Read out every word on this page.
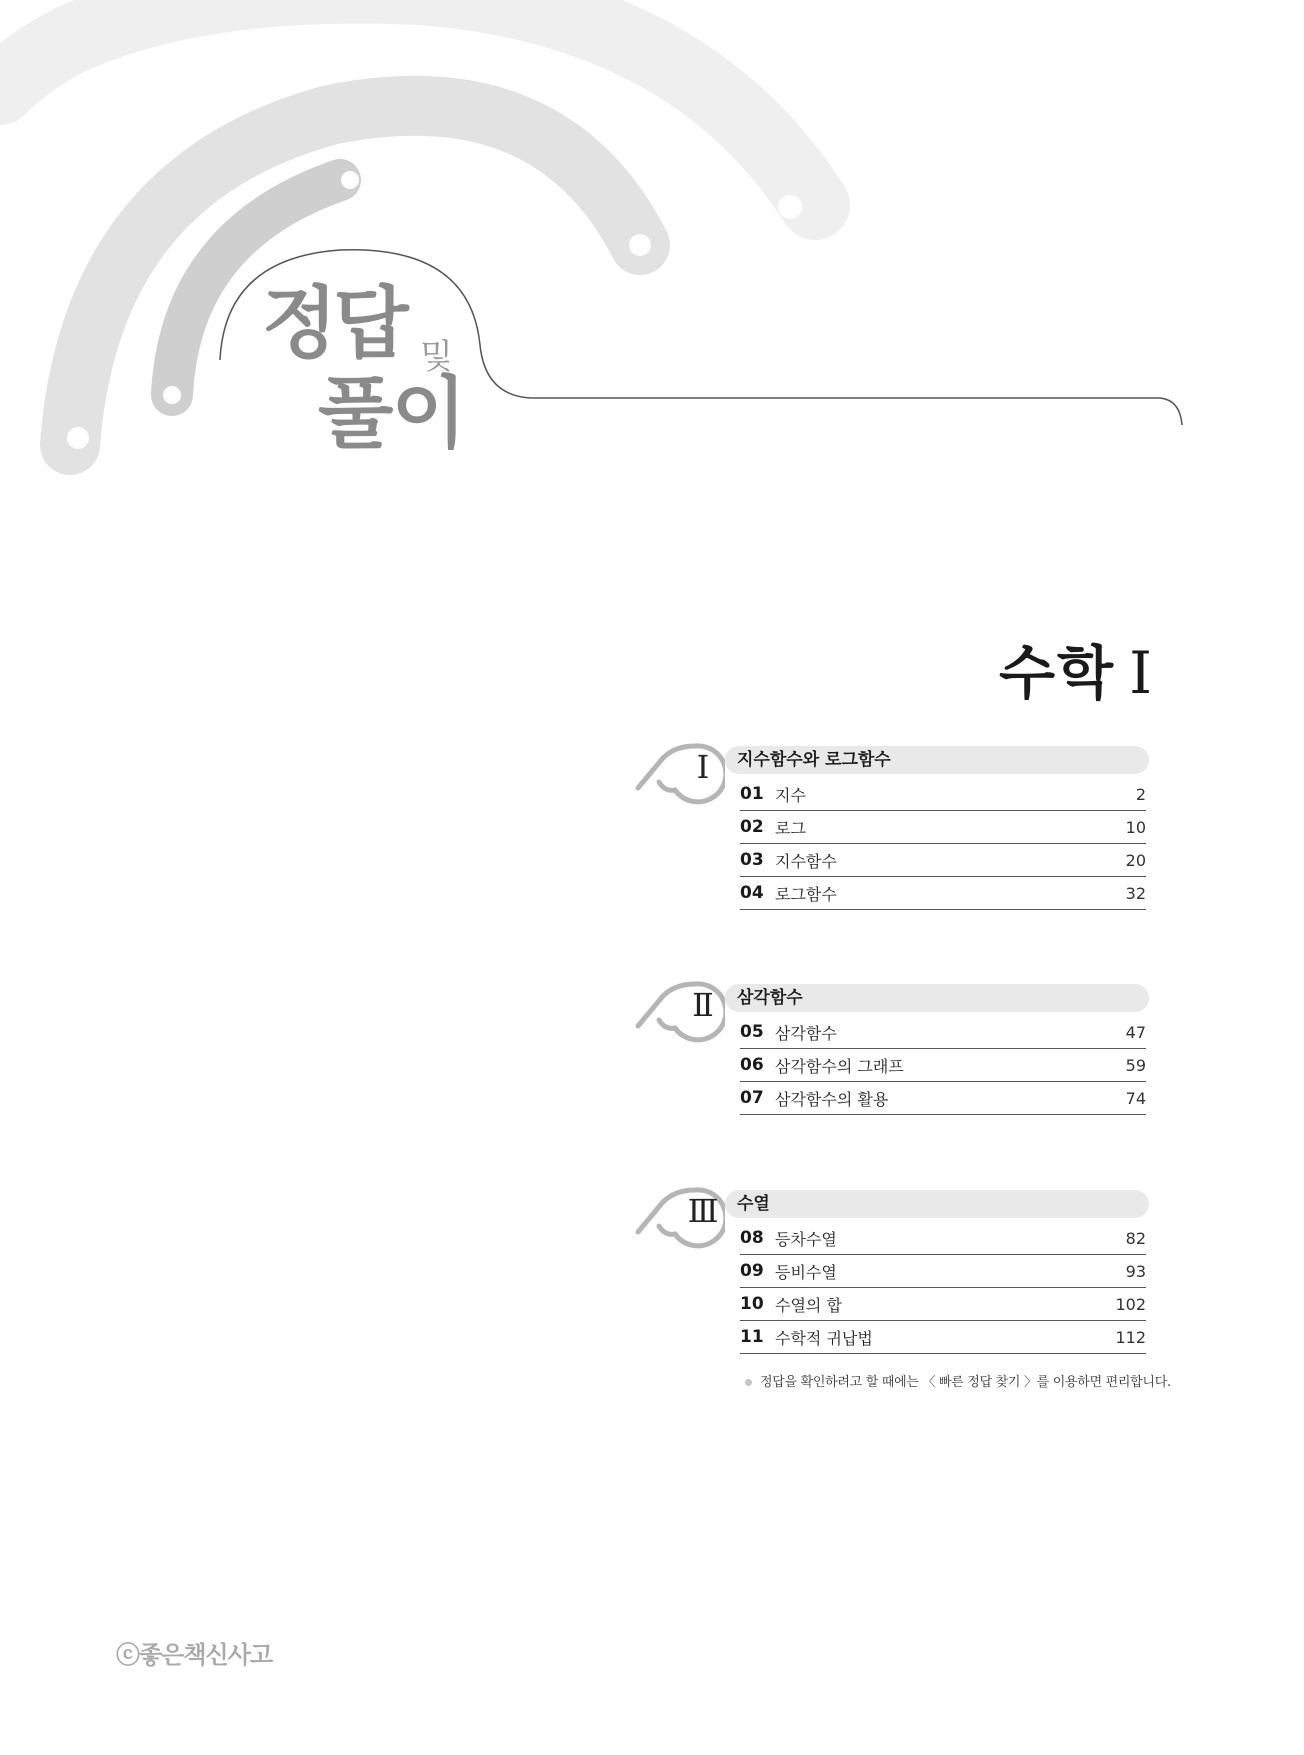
정답 및
풀이
수학 Ⅰ
Ⅰ	지수함수와 로그함수
01 지수	2
02 로그	10
03 지수함수	20
04 로그함수	32
Ⅱ	삼각함수
05 삼각함수	47
06 삼각함수의 그래프	59
07 삼각함수의 활용	74
Ⅲ	수열
08 등차수열	82
09 등비수열	93
10 수열의 합	102
11 수학적 귀납법	112
정답을 확인하려고 할 때에는 〈 빠른 정답 찾기 〉를 이용하면 편리합니다.
ⓒ좋은책신사고
